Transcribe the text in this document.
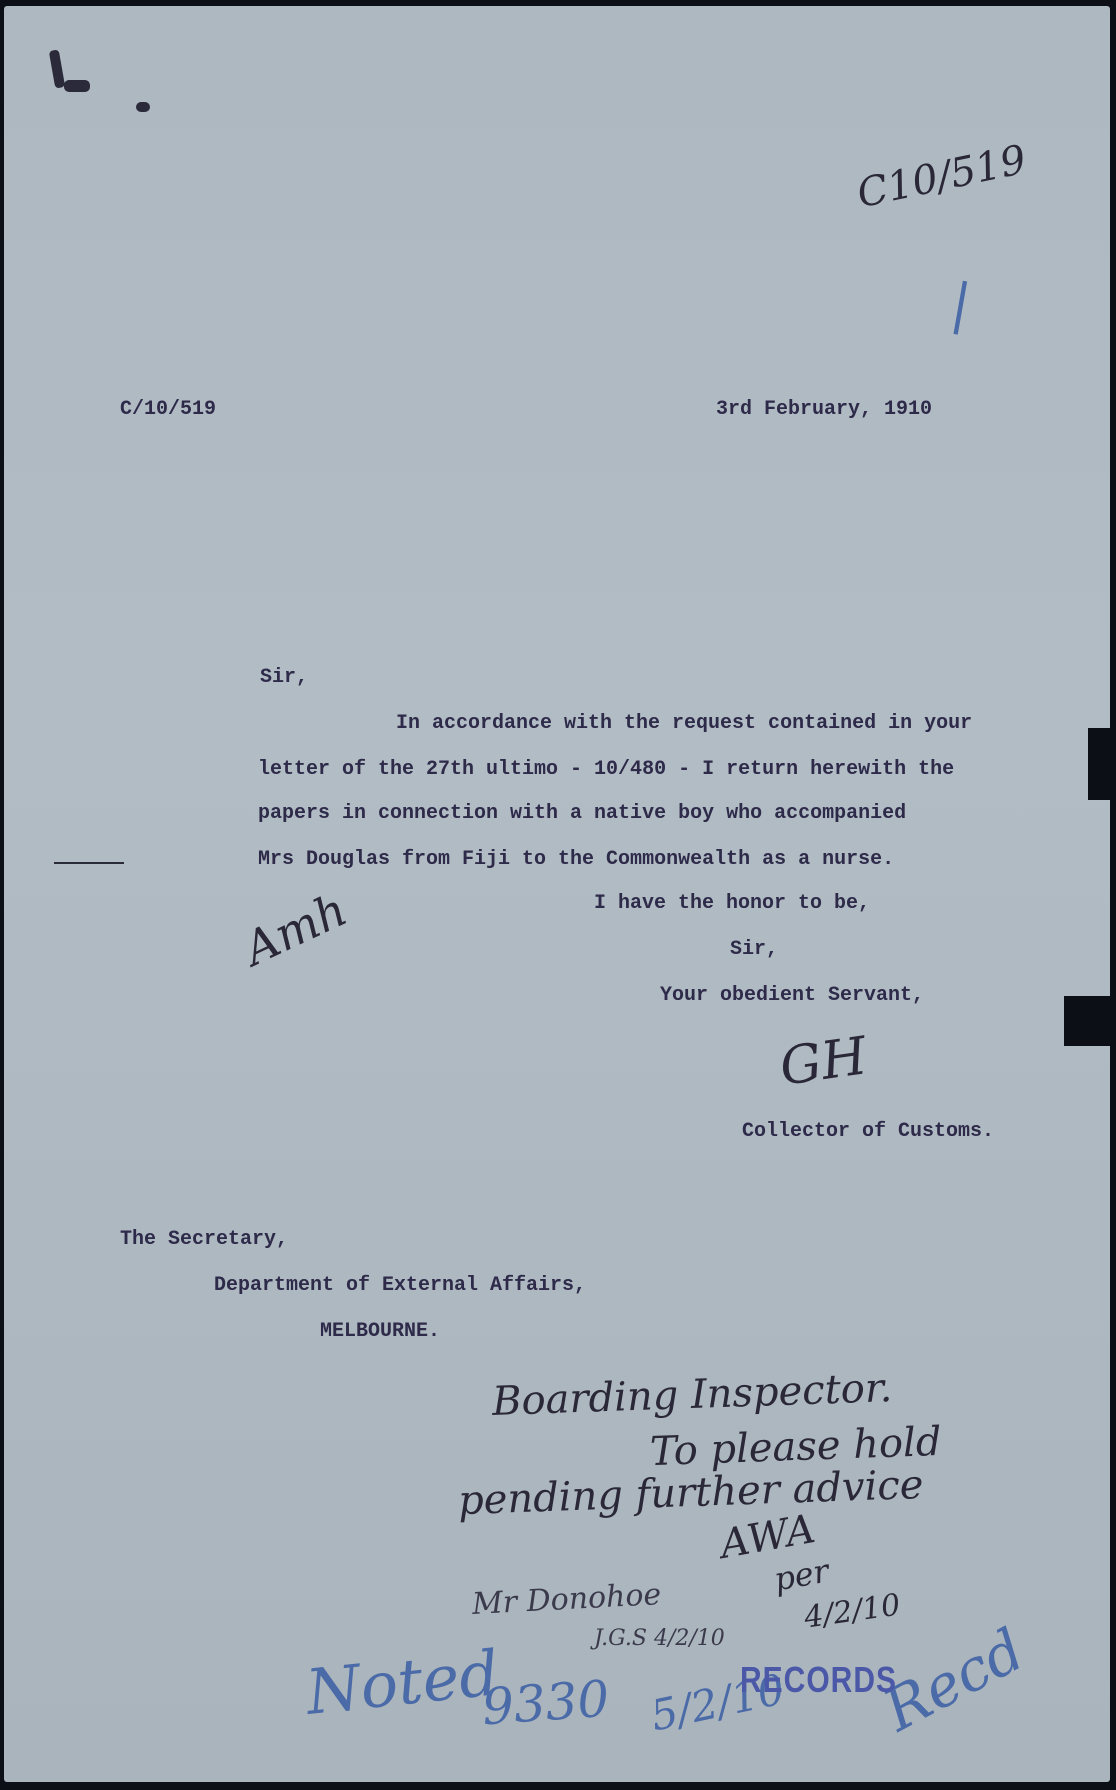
C10/519
|
C/10/519	3rd February, 1910
Sir,
In accordance with the request contained in your
letter of the 27th ultimo - 10/480 - I return herewith the
papers in connection with a native boy who accompanied
Mrs Douglas from Fiji to the Commonwealth as a nurse.
Amh	I have the honor to be,
Sir,
Your obedient Servant,
GH
Collector of Customs.
The Secretary,
Department of External Affairs,
MELBOURNE.
Boarding Inspector.
To please hold
pending further advice
AWA
per
4/2/10
Mr Donohoe
J.G.S 4/2/10
Noted
9330 5/2/10 Recd
RECORDS
